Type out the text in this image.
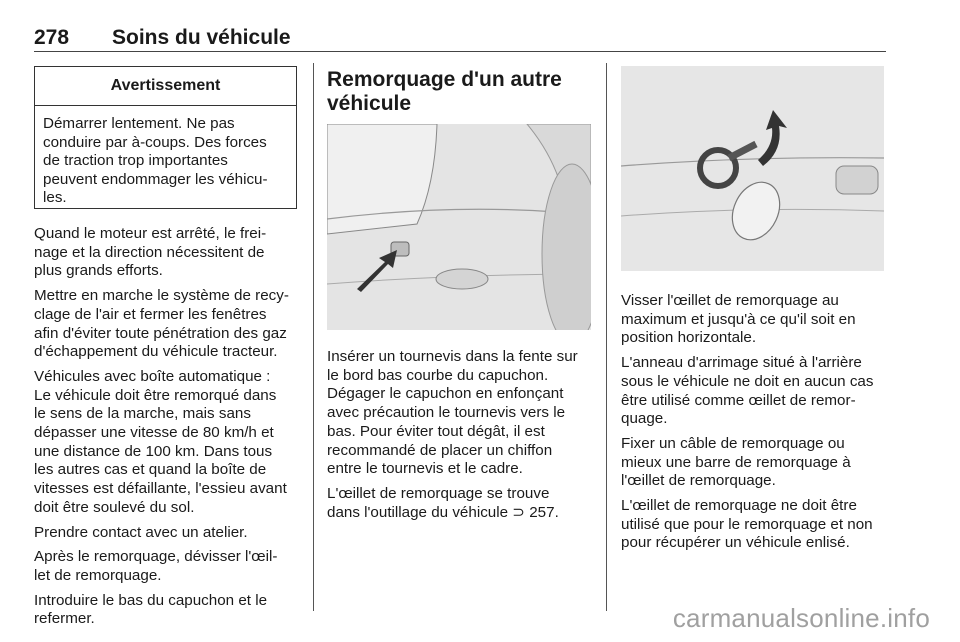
278 Soins du véhicule
Avertissement
Démarrer lentement. Ne pas
conduire par à-coups. Des forces
de traction trop importantes
peuvent endommager les véhicu-
les.

Quand le moteur est arrêté, le frei-
nage et la direction nécessitent de
plus grands efforts.

Mettre en marche le système de recy-
clage de l'air et fermer les fenêtres
afin d'éviter toute pénétration des gaz
d'échappement du véhicule tracteur.

Véhicules avec boîte automatique :
Le véhicule doit être remorqué dans
le sens de la marche, mais sans
dépasser une vitesse de 80 km/h et
une distance de 100 km. Dans tous
les autres cas et quand la boîte de
vitesses est défaillante, l'essieu avant
doit être soulevé du sol.

Prendre contact avec un atelier.

Après le remorquage, dévisser l'œil-
let de remorquage.

Introduire le bas du capuchon et le
refermer.

Remorquage d'un autre
véhicule

Insérer un tournevis dans la fente sur
le bord bas courbe du capuchon.
Dégager le capuchon en enfonçant
avec précaution le tournevis vers le
bas. Pour éviter tout dégât, il est
recommandé de placer un chiffon
entre le tournevis et le cadre.

L'œillet de remorquage se trouve
dans l'outillage du véhicule ⊃ 257.

Visser l'œillet de remorquage au
maximum et jusqu'à ce qu'il soit en
position horizontale.

L'anneau d'arrimage situé à l'arrière
sous le véhicule ne doit en aucun cas
être utilisé comme œillet de remor-
quage.

Fixer un câble de remorquage ou
mieux une barre de remorquage à
l'œillet de remorquage.

L'œillet de remorquage ne doit être
utilisé que pour le remorquage et non
pour récupérer un véhicule enlisé.

carmanualsonline.info
